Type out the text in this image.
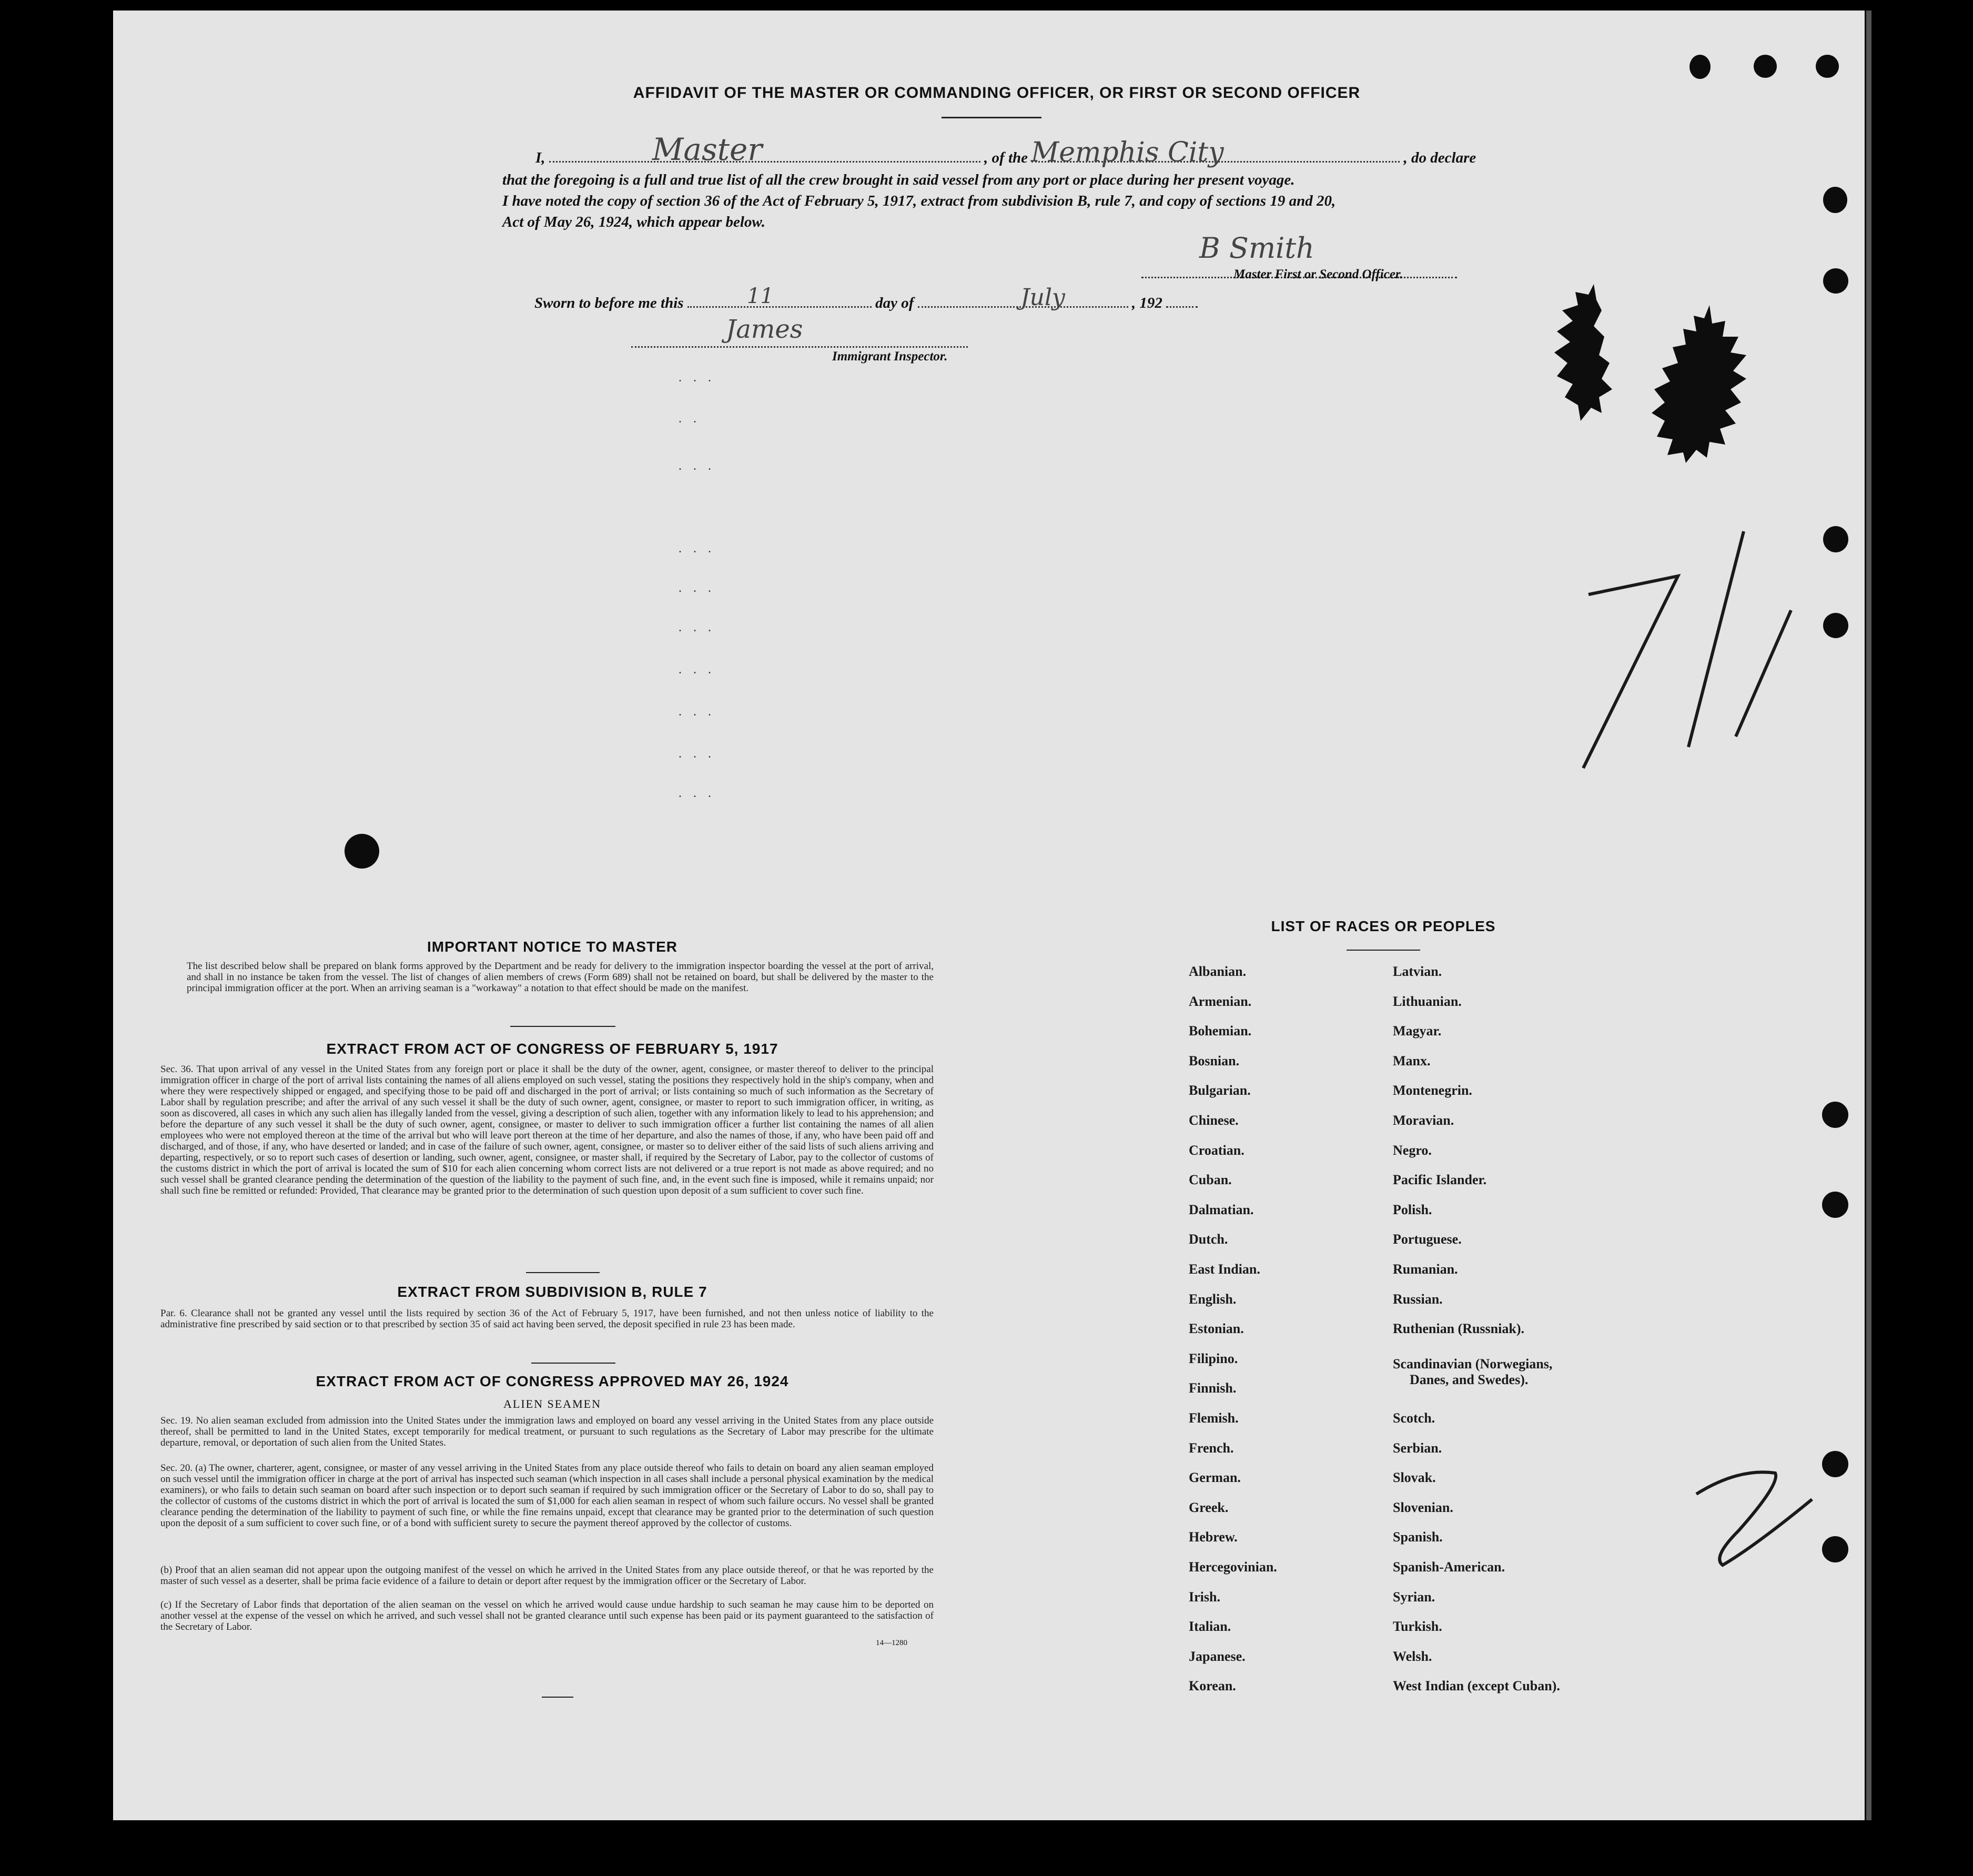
AFFIDAVIT OF THE MASTER OR COMMANDING OFFICER, OR FIRST OR SECOND OFFICER
I,	, of the	, do declare
Master	Memphis City
that the foregoing is a full and true list of all the crew brought in said vessel from any port or place during her present voyage.
I have noted the copy of section 36 of the Act of February 5, 1917, extract from subdivision B, rule 7, and copy of sections 19 and 20,
Act of May 26, 1924, which appear below.
B Smith
Master First or Second Officer.
Sworn to before me this	day of	, 192
11	July
James
Immigrant Inspector.
. . .
. .
. . .
. . .
. . .
. . .
. . .
. . .
. . .
. . .
IMPORTANT NOTICE TO MASTER
The list described below shall be prepared on blank forms approved by the Department and be ready for delivery to the immigration inspector boarding the vessel at the port of arrival, and shall in no instance be taken from the vessel. The list of changes of alien members of crews (Form 689) shall not be retained on board, but shall be delivered by the master to the principal immigration officer at the port. When an arriving seaman is a "workaway" a notation to that effect should be made on the manifest.
EXTRACT FROM ACT OF CONGRESS OF FEBRUARY 5, 1917
Sec. 36. That upon arrival of any vessel in the United States from any foreign port or place it shall be the duty of the owner, agent, consignee, or master thereof to deliver to the principal immigration officer in charge of the port of arrival lists containing the names of all aliens employed on such vessel, stating the positions they respectively hold in the ship's company, when and where they were respectively shipped or engaged, and specifying those to be paid off and discharged in the port of arrival; or lists containing so much of such information as the Secretary of Labor shall by regulation prescribe; and after the arrival of any such vessel it shall be the duty of such owner, agent, consignee, or master to report to such immigration officer, in writing, as soon as discovered, all cases in which any such alien has illegally landed from the vessel, giving a description of such alien, together with any information likely to lead to his apprehension; and before the departure of any such vessel it shall be the duty of such owner, agent, consignee, or master to deliver to such immigration officer a further list containing the names of all alien employees who were not employed thereon at the time of the arrival but who will leave port thereon at the time of her departure, and also the names of those, if any, who have been paid off and discharged, and of those, if any, who have deserted or landed; and in case of the failure of such owner, agent, consignee, or master so to deliver either of the said lists of such aliens arriving and departing, respectively, or so to report such cases of desertion or landing, such owner, agent, consignee, or master shall, if required by the Secretary of Labor, pay to the collector of customs of the customs district in which the port of arrival is located the sum of $10 for each alien concerning whom correct lists are not delivered or a true report is not made as above required; and no such vessel shall be granted clearance pending the determination of the question of the liability to the payment of such fine, and, in the event such fine is imposed, while it remains unpaid; nor shall such fine be remitted or refunded: Provided, That clearance may be granted prior to the determination of such question upon deposit of a sum sufficient to cover such fine.
EXTRACT FROM SUBDIVISION B, RULE 7
Par. 6. Clearance shall not be granted any vessel until the lists required by section 36 of the Act of February 5, 1917, have been furnished, and not then unless notice of liability to the administrative fine prescribed by said section or to that prescribed by section 35 of said act having been served, the deposit specified in rule 23 has been made.
EXTRACT FROM ACT OF CONGRESS APPROVED MAY 26, 1924
ALIEN SEAMEN
Sec. 19. No alien seaman excluded from admission into the United States under the immigration laws and employed on board any vessel arriving in the United States from any place outside thereof, shall be permitted to land in the United States, except temporarily for medical treatment, or pursuant to such regulations as the Secretary of Labor may prescribe for the ultimate departure, removal, or deportation of such alien from the United States.
Sec. 20. (a) The owner, charterer, agent, consignee, or master of any vessel arriving in the United States from any place outside thereof who fails to detain on board any alien seaman employed on such vessel until the immigration officer in charge at the port of arrival has inspected such seaman (which inspection in all cases shall include a personal physical examination by the medical examiners), or who fails to detain such seaman on board after such inspection or to deport such seaman if required by such immigration officer or the Secretary of Labor to do so, shall pay to the collector of customs of the customs district in which the port of arrival is located the sum of $1,000 for each alien seaman in respect of whom such failure occurs. No vessel shall be granted clearance pending the determination of the liability to payment of such fine, or while the fine remains unpaid, except that clearance may be granted prior to the determination of such question upon the deposit of a sum sufficient to cover such fine, or of a bond with sufficient surety to secure the payment thereof approved by the collector of customs.
(b) Proof that an alien seaman did not appear upon the outgoing manifest of the vessel on which he arrived in the United States from any place outside thereof, or that he was reported by the master of such vessel as a deserter, shall be prima facie evidence of a failure to detain or deport after request by the immigration officer or the Secretary of Labor.
(c) If the Secretary of Labor finds that deportation of the alien seaman on the vessel on which he arrived would cause undue hardship to such seaman he may cause him to be deported on another vessel at the expense of the vessel on which he arrived, and such vessel shall not be granted clearance until such expense has been paid or its payment guaranteed to the satisfaction of the Secretary of Labor.
14—1280
LIST OF RACES OR PEOPLES
Albanian.
Armenian.
Bohemian.
Bosnian.
Bulgarian.
Chinese.
Croatian.
Cuban.
Dalmatian.
Dutch.
East Indian.
English.
Estonian.
Filipino.
Finnish.
Flemish.
French.
German.
Greek.
Hebrew.
Hercegovinian.
Irish.
Italian.
Japanese.
Korean.
Latvian.
Lithuanian.
Magyar.
Manx.
Montenegrin.
Moravian.
Negro.
Pacific Islander.
Polish.
Portuguese.
Rumanian.
Russian.
Ruthenian (Russniak).
Scandinavian (Norwegians,
Danes, and Swedes).
Scotch.
Serbian.
Slovak.
Slovenian.
Spanish.
Spanish-American.
Syrian.
Turkish.
Welsh.
West Indian (except Cuban).
